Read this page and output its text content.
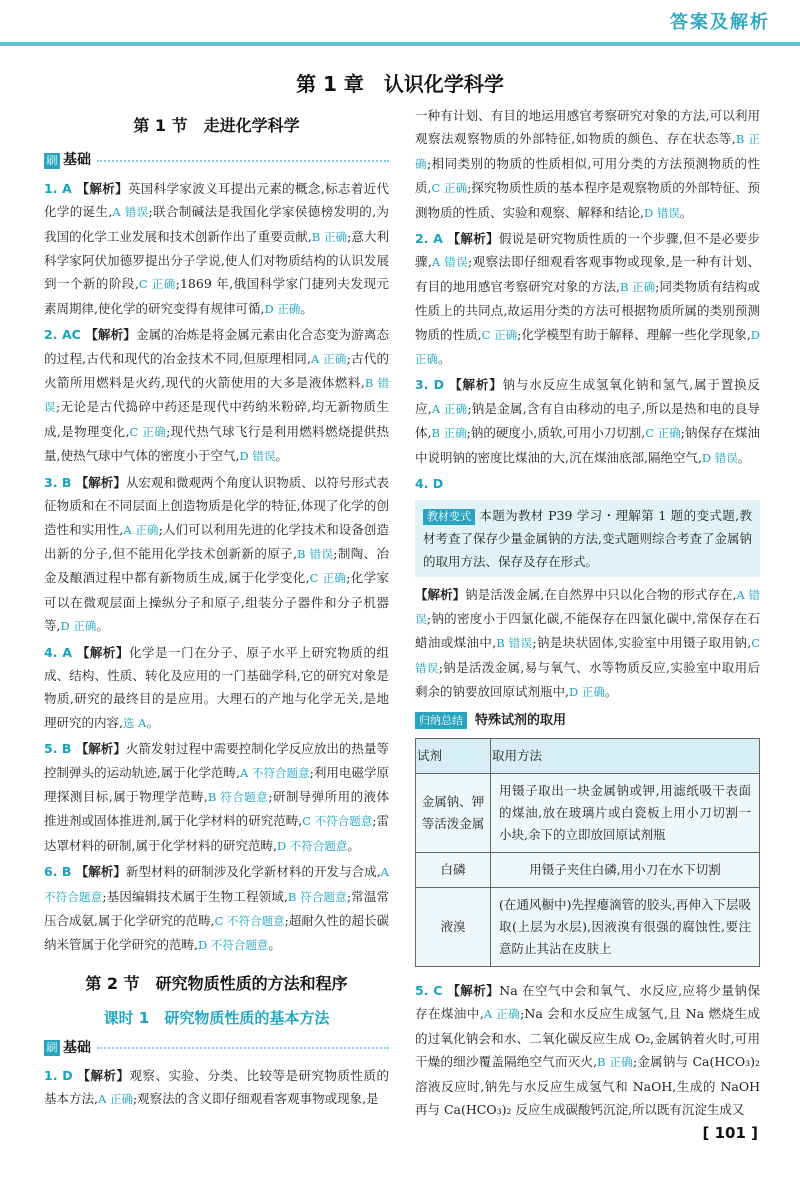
答案及解析
第 1 章　认识化学科学
第 1 节　走进化学科学
刷 基础

1. A 【解析】英国科学家波义耳提出元素的概念,标志着近代化学的诞生,A 错误;联合制碱法是我国化学家侯德榜发明的,为我国的化学工业发展和技术创新作出了重要贡献,B 正确;意大利科学家阿伏加德罗提出分子学说,使人们对物质结构的认识发展到一个新的阶段,C 正确;1869 年,俄国科学家门捷列夫发现元素周期律,使化学的研究变得有规律可循,D 正确。

2. AC 【解析】金属的冶炼是将金属元素由化合态变为游离态的过程,古代和现代的冶金技术不同,但原理相同,A 正确;古代的火箭所用燃料是火药,现代的火箭使用的大多是液体燃料,B 错误;无论是古代捣碎中药还是现代中药纳米粉碎,均无新物质生成,是物理变化,C 正确;现代热气球飞行是利用燃料燃烧提供热量,使热气球中气体的密度小于空气,D 错误。

3. B 【解析】从宏观和微观两个角度认识物质、以符号形式表征物质和在不同层面上创造物质是化学的特征,体现了化学的创造性和实用性,A 正确;人们可以利用先进的化学技术和设备创造出新的分子,但不能用化学技术创新新的原子,B 错误;制陶、冶金及酿酒过程中都有新物质生成,属于化学变化,C 正确;化学家可以在微观层面上操纵分子和原子,组装分子器件和分子机器等,D 正确。

4. A 【解析】化学是一门在分子、原子水平上研究物质的组成、结构、性质、转化及应用的一门基础学科,它的研究对象是物质,研究的最终目的是应用。大理石的产地与化学无关,是地理研究的内容,选 A。

5. B 【解析】火箭发射过程中需要控制化学反应放出的热量等控制弹头的运动轨迹,属于化学范畴,A 不符合题意;利用电磁学原理探测目标,属于物理学范畴,B 符合题意;研制导弹所用的液体推进剂或固体推进剂,属于化学材料的研究范畴,C 不符合题意;雷达罩材料的研制,属于化学材料的研究范畴,D 不符合题意。

6. B 【解析】新型材料的研制涉及化学新材料的开发与合成,A 不符合题意;基因编辑技术属于生物工程领域,B 符合题意;常温常压合成氨,属于化学研究的范畴,C 不符合题意;超耐久性的超长碳纳米管属于化学研究的范畴,D 不符合题意。

第 2 节　研究物质性质的方法和程序
课时 1　研究物质性质的基本方法
刷 基础

1. D 【解析】观察、实验、分类、比较等是研究物质性质的基本方法,A 正确;观察法的含义即仔细观看客观事物或现象,是

一种有计划、有目的地运用感官考察研究对象的方法,可以利用观察法观察物质的外部特征,如物质的颜色、存在状态等,B 正确;相同类别的物质的性质相似,可用分类的方法预测物质的性质,C 正确;探究物质性质的基本程序是观察物质的外部特征、预测物质的性质、实验和观察、解释和结论,D 错误。

2. A 【解析】假说是研究物质性质的一个步骤,但不是必要步骤,A 错误;观察法即仔细观看客观事物或现象,是一种有计划、有目的地用感官考察研究对象的方法,B 正确;同类物质有结构或性质上的共同点,故运用分类的方法可根据物质所属的类别预测物质的性质,C 正确;化学模型有助于解释、理解一些化学现象,D 正确。

3. D 【解析】钠与水反应生成氢氧化钠和氢气,属于置换反应,A 正确;钠是金属,含有自由移动的电子,所以是热和电的良导体,B 正确;钠的硬度小,质软,可用小刀切割,C 正确;钠保存在煤油中说明钠的密度比煤油的大,沉在煤油底部,隔绝空气,D 错误。

4. D

教材变式 本题为教材 P39 学习・理解第 1 题的变式题,教材考查了保存少量金属钠的方法,变式题则综合考查了金属钠的取用方法、保存及存在形式。

【解析】钠是活泼金属,在自然界中只以化合物的形式存在,A 错误;钠的密度小于四氯化碳,不能保存在四氯化碳中,常保存在石蜡油或煤油中,B 错误;钠是块状固体,实验室中用镊子取用钠,C 错误;钠是活泼金属,易与氧气、水等物质反应,实验室中取用后剩余的钠要放回原试剂瓶中,D 正确。

归纳总结 特殊试剂的取用
试剂	取用方法
金属钠、钾等活泼金属	用镊子取出一块金属钠或钾,用滤纸吸干表面的煤油,放在玻璃片或白瓷板上用小刀切割一小块,余下的立即放回原试剂瓶
白磷	用镊子夹住白磷,用小刀在水下切割
液溴	(在通风橱中)先捏瘪滴管的胶头,再伸入下层吸取(上层为水层),因液溴有很强的腐蚀性,要注意防止其沾在皮肤上

5. C 【解析】Na 在空气中会和氧气、水反应,应将少量钠保存在煤油中,A 正确;Na 会和水反应生成氢气,且 Na 燃烧生成的过氧化钠会和水、二氧化碳反应生成 O₂,金属钠着火时,可用干燥的细沙覆盖隔绝空气而灭火,B 正确;金属钠与 Ca(HCO₃)₂ 溶液反应时,钠先与水反应生成氢气和 NaOH,生成的 NaOH 再与 Ca(HCO₃)₂ 反应生成碳酸钙沉淀,所以既有沉淀生成又

[ 101 ]
